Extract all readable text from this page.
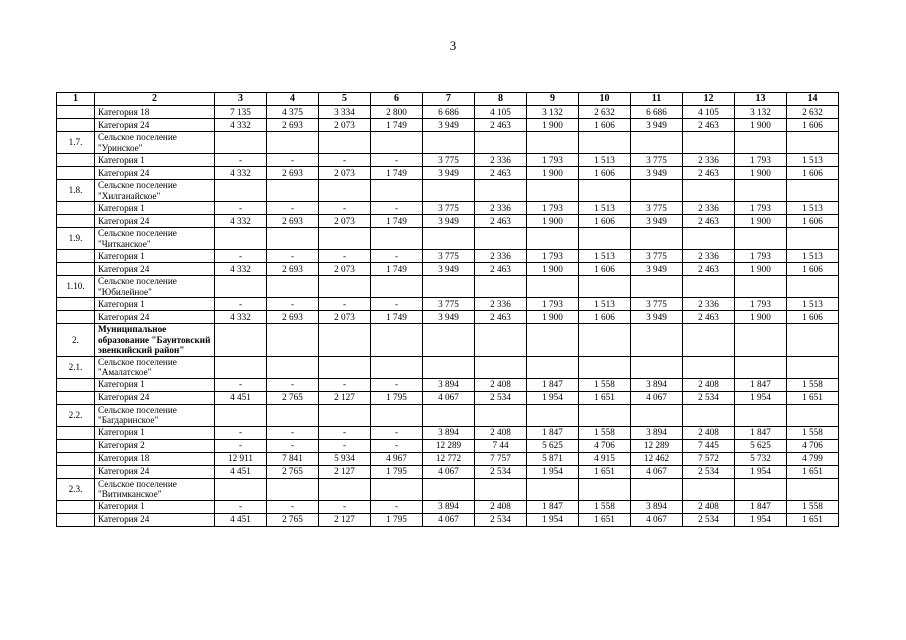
3
1	2	3	4	5	6	7	8	9	10	11	12	13	14
	Категория 18	7 135	4 375	3 334	2 800	6 686	4 105	3 132	2 632	6 686	4 105	3 132	2 632
	Категория 24	4 332	2 693	2 073	1 749	3 949	2 463	1 900	1 606	3 949	2 463	1 900	1 606
1.7.	Сельское поселение "Уринское"												
	Категория 1	-	-	-	-	3 775	2 336	1 793	1 513	3 775	2 336	1 793	1 513
	Категория 24	4 332	2 693	2 073	1 749	3 949	2 463	1 900	1 606	3 949	2 463	1 900	1 606
1.8.	Сельское поселение "Хилганайское"												
	Категория 1	-	-	-	-	3 775	2 336	1 793	1 513	3 775	2 336	1 793	1 513
	Категория 24	4 332	2 693	2 073	1 749	3 949	2 463	1 900	1 606	3 949	2 463	1 900	1 606
1.9.	Сельское поселение "Читканское"												
	Категория 1	-	-	-	-	3 775	2 336	1 793	1 513	3 775	2 336	1 793	1 513
	Категория 24	4 332	2 693	2 073	1 749	3 949	2 463	1 900	1 606	3 949	2 463	1 900	1 606
1.10.	Сельское поселение "Юбилейное"												
	Категория 1	-	-	-	-	3 775	2 336	1 793	1 513	3 775	2 336	1 793	1 513
	Категория 24	4 332	2 693	2 073	1 749	3 949	2 463	1 900	1 606	3 949	2 463	1 900	1 606
2.	Муниципальное образование "Баунтовский эвенкийский район"												
2.1.	Сельское поселение "Амалатское"												
	Категория 1	-	-	-	-	3 894	2 408	1 847	1 558	3 894	2 408	1 847	1 558
	Категория 24	4 451	2 765	2 127	1 795	4 067	2 534	1 954	1 651	4 067	2 534	1 954	1 651
2.2.	Сельское поселение "Багдаринское"												
	Категория 1	-	-	-	-	3 894	2 408	1 847	1 558	3 894	2 408	1 847	1 558
	Категория 2	-	-	-	-	12 289	7 44	5 625	4 706	12 289	7 445	5 625	4 706
	Категория 18	12 911	7 841	5 934	4 967	12 772	7 757	5 871	4 915	12 462	7 572	5 732	4 799
	Категория 24	4 451	2 765	2 127	1 795	4 067	2 534	1 954	1 651	4 067	2 534	1 954	1 651
2.3.	Сельское поселение "Витимканское"												
	Категория 1	-	-	-	-	3 894	2 408	1 847	1 558	3 894	2 408	1 847	1 558
	Категория 24	4 451	2 765	2 127	1 795	4 067	2 534	1 954	1 651	4 067	2 534	1 954	1 651
